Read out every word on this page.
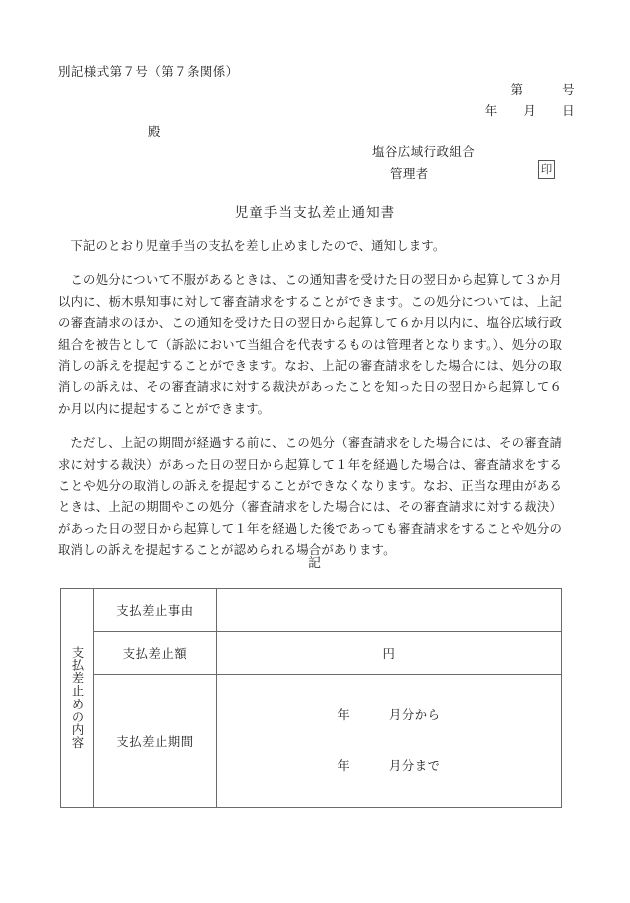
別記様式第７号（第７条関係）
第　　　号
年　　月　　日
殿
塩谷広域行政組合
管理者	印
児童手当支払差止通知書

下記のとおり児童手当の支払を差し止めましたので、通知します。

この処分について不服があるときは、この通知書を受けた日の翌日から起算して３か月以内に、栃木県知事に対して審査請求をすることができます。この処分については、上記の審査請求のほか、この通知を受けた日の翌日から起算して６か月以内に、塩谷広域行政組合を被告として（訴訟において当組合を代表するものは管理者となります。）、処分の取消しの訴えを提起することができます。なお、上記の審査請求をした場合には、処分の取消しの訴えは、その審査請求に対する裁決があったことを知った日の翌日から起算して６か月以内に提起することができます。

ただし、上記の期間が経過する前に、この処分（審査請求をした場合には、その審査請求に対する裁決）があった日の翌日から起算して１年を経過した場合は、審査請求をすることや処分の取消しの訴えを提起することができなくなります。なお、正当な理由があるときは、上記の期間やこの処分（審査請求をした場合には、その審査請求に対する裁決）があった日の翌日から起算して１年を経過した後であっても審査請求をすることや処分の取消しの訴えを提起することが認められる場合があります。

記
支払差止めの内容	支払差止事由	
	支払差止額	円
	支払差止期間	年　　　月分から

年　　　月分まで
